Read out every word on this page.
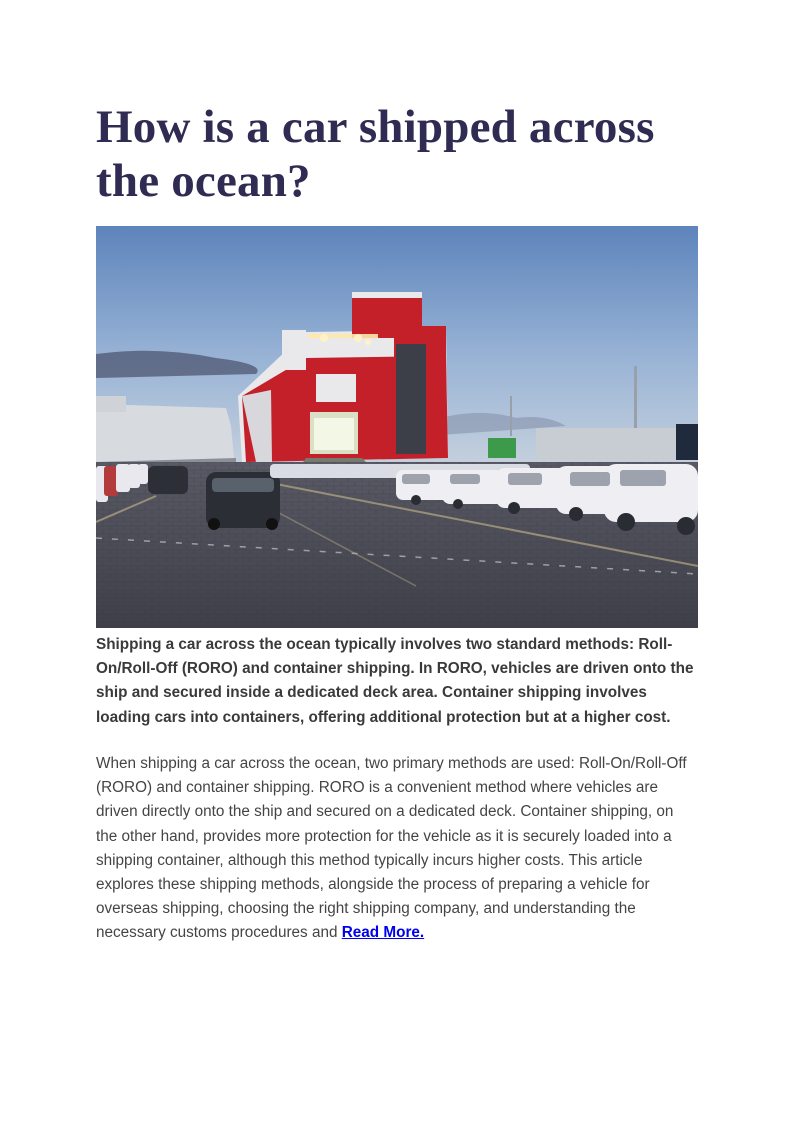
How is a car shipped across the ocean?

Shipping a car across the ocean typically involves two standard methods: Roll-On/Roll-Off (RORO) and container shipping. In RORO, vehicles are driven onto the ship and secured inside a dedicated deck area. Container shipping involves loading cars into containers, offering additional protection but at a higher cost.

When shipping a car across the ocean, two primary methods are used: Roll-On/Roll-Off (RORO) and container shipping. RORO is a convenient method where vehicles are driven directly onto the ship and secured on a dedicated deck. Container shipping, on the other hand, provides more protection for the vehicle as it is securely loaded into a shipping container, although this method typically incurs higher costs. This article explores these shipping methods, alongside the process of preparing a vehicle for overseas shipping, choosing the right shipping company, and understanding the necessary customs procedures and Read More.
